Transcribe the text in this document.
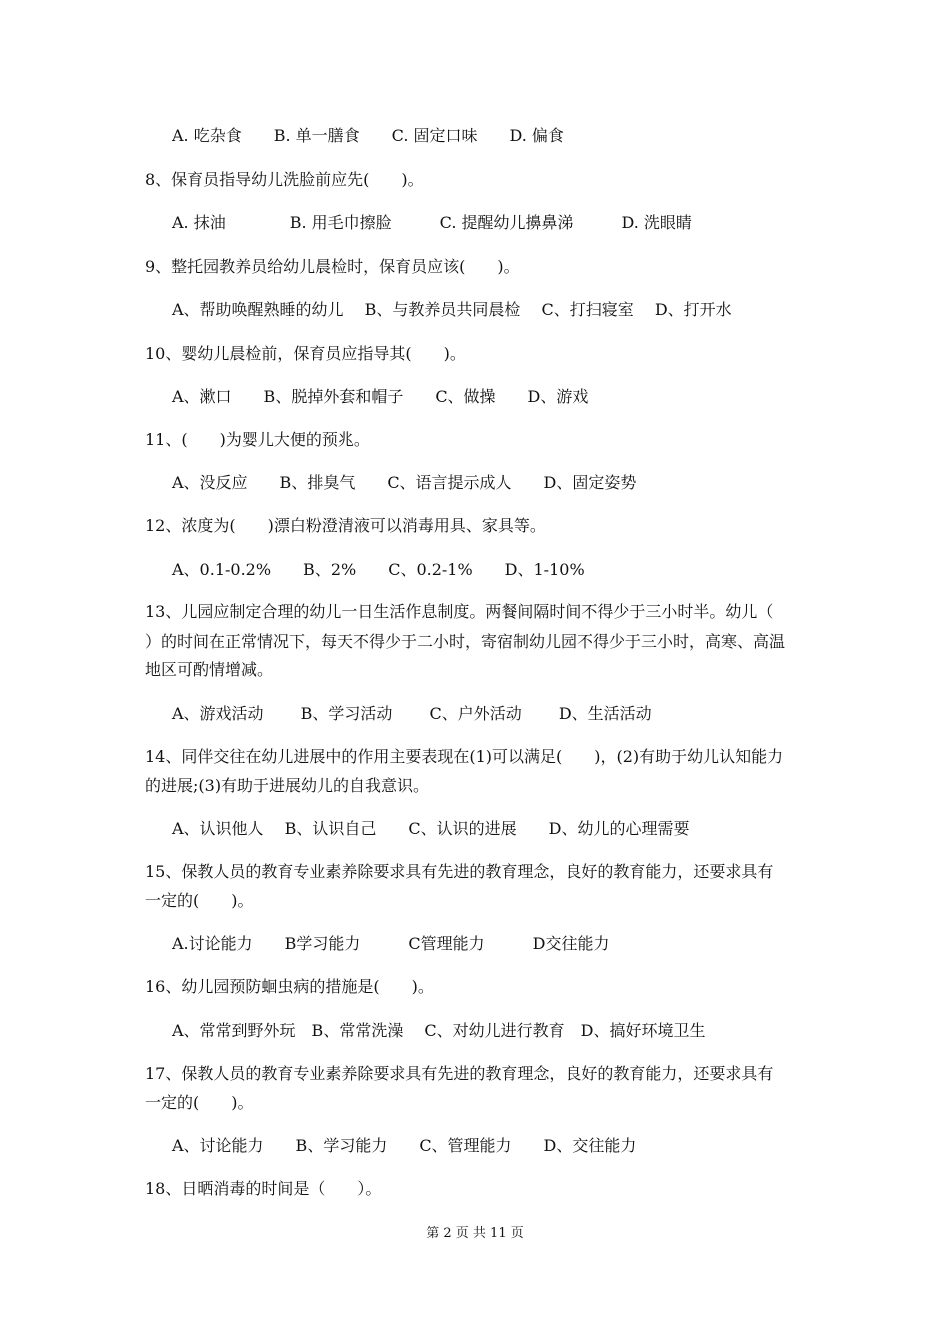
A. 吃杂食　　B. 单一膳食　　C. 固定口味　　D. 偏食

8、保育员指导幼儿洗脸前应先(　　)。

A. 抹油　　　　B. 用毛巾擦脸　　　C. 提醒幼儿擤鼻涕　　　D. 洗眼睛

9、整托园教养员给幼儿晨检时，保育员应该(　　)。

A、帮助唤醒熟睡的幼儿　 B、与教养员共同晨检　 C、打扫寝室　 D、打开水

10、婴幼儿晨检前，保育员应指导其(　　)。

A、漱口　　B、脱掉外套和帽子　　C、做操　　D、游戏

11、(　　)为婴儿大便的预兆。

A、没反应　　B、排臭气　　C、语言提示成人　　D、固定姿势

12、浓度为(　　)漂白粉澄清液可以消毒用具、家具等。

A、0.1-0.2%　　B、2%　　C、0.2-1%　　D、1-10%

13、儿园应制定合理的幼儿一日生活作息制度。两餐间隔时间不得少于三小时半。幼儿（

）的时间在正常情况下，每天不得少于二小时，寄宿制幼儿园不得少于三小时，高寒、高温

地区可酌情增减。

A、游戏活动　　 B、学习活动　　 C、户外活动　　 D、生活活动

14、同伴交往在幼儿进展中的作用主要表现在(1)可以满足(　　)，(2)有助于幼儿认知能力

的进展;(3)有助于进展幼儿的自我意识。

A、认识他人　 B、认识自己　　C、认识的进展　　D、幼儿的心理需要

15、保教人员的教育专业素养除要求具有先进的教育理念，良好的教育能力，还要求具有

一定的(　　)。

A.讨论能力　　B学习能力　　　C管理能力　　　D交往能力

16、幼儿园预防蛔虫病的措施是(　　)。

A、常常到野外玩　B、常常洗澡　 C、对幼儿进行教育　D、搞好环境卫生

17、保教人员的教育专业素养除要求具有先进的教育理念，良好的教育能力，还要求具有

一定的(　　)。

A、讨论能力　　B、学习能力　　C、管理能力　　D、交往能力

18、日晒消毒的时间是（　　）。

第 2 页 共 11 页
